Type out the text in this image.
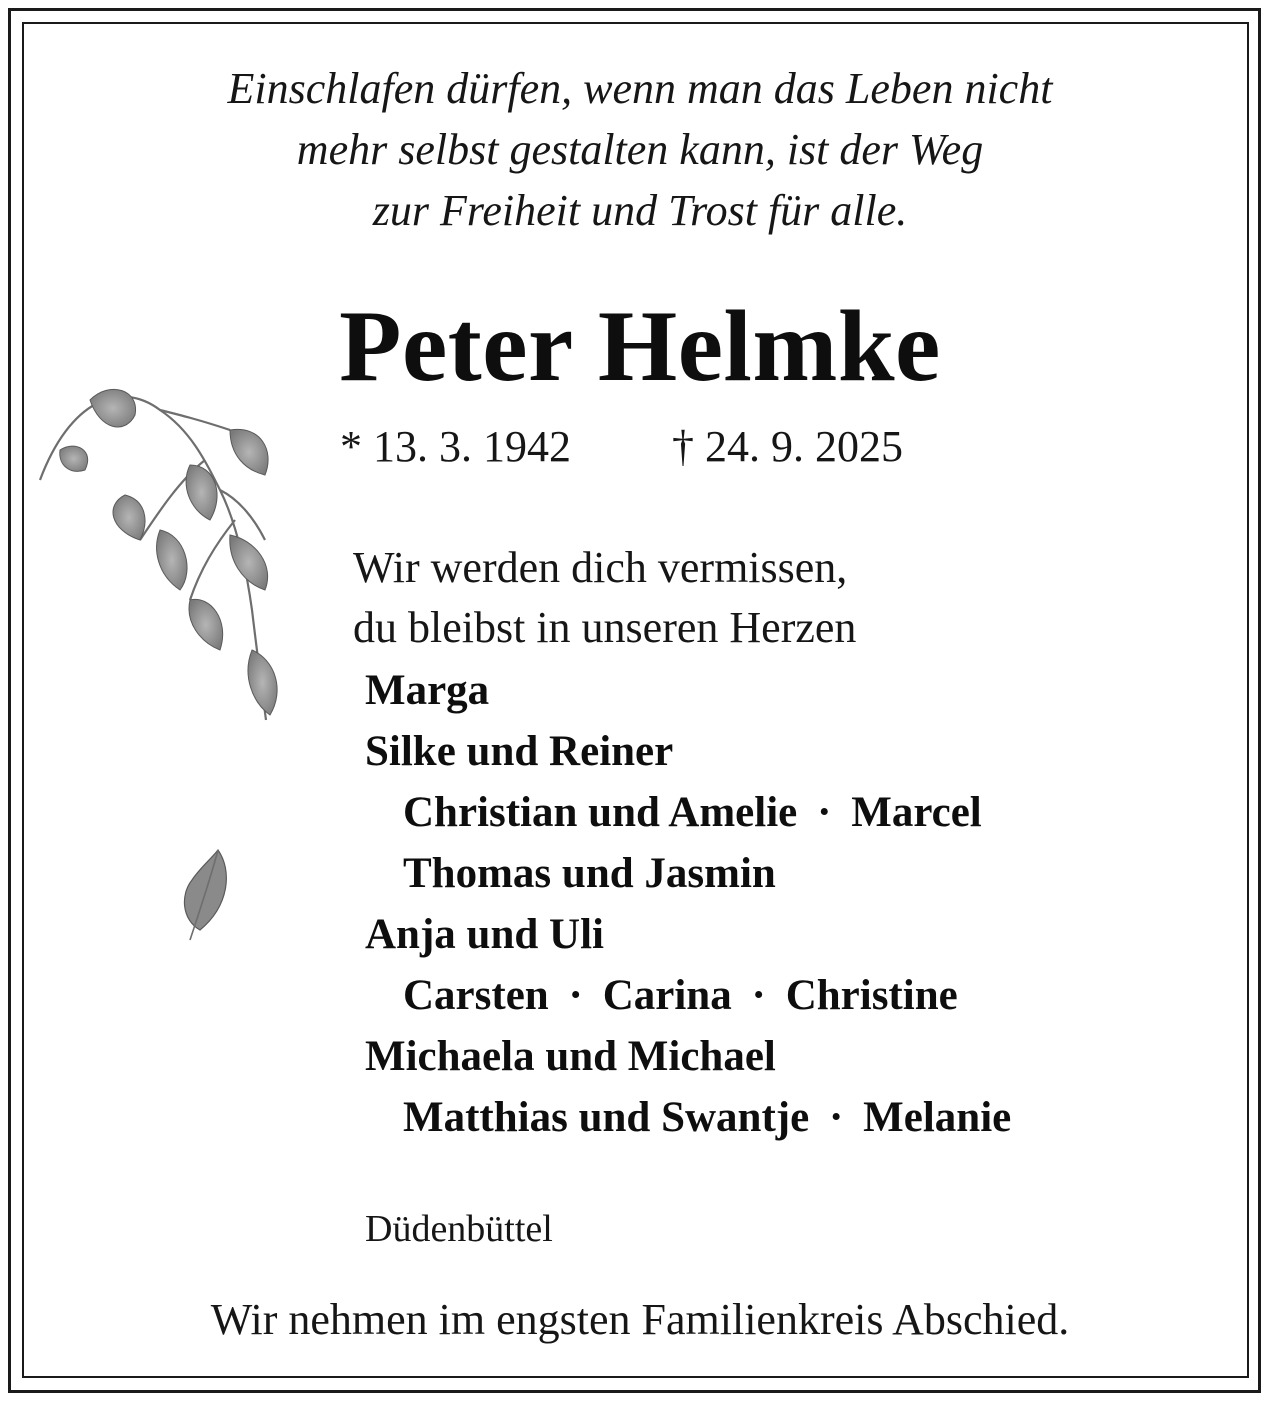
Einschlafen dürfen, wenn man das Leben nicht
mehr selbst gestalten kann, ist der Weg
zur Freiheit und Trost für alle.
Peter Helmke
* 13. 3. 1942 † 24. 9. 2025
Wir werden dich vermissen,
du bleibst in unseren Herzen
Marga
Silke und Reiner
Christian und Amelie · Marcel
Thomas und Jasmin
Anja und Uli
Carsten · Carina · Christine
Michaela und Michael
Matthias und Swantje · Melanie
Düdenbüttel
Wir nehmen im engsten Familienkreis Abschied.
